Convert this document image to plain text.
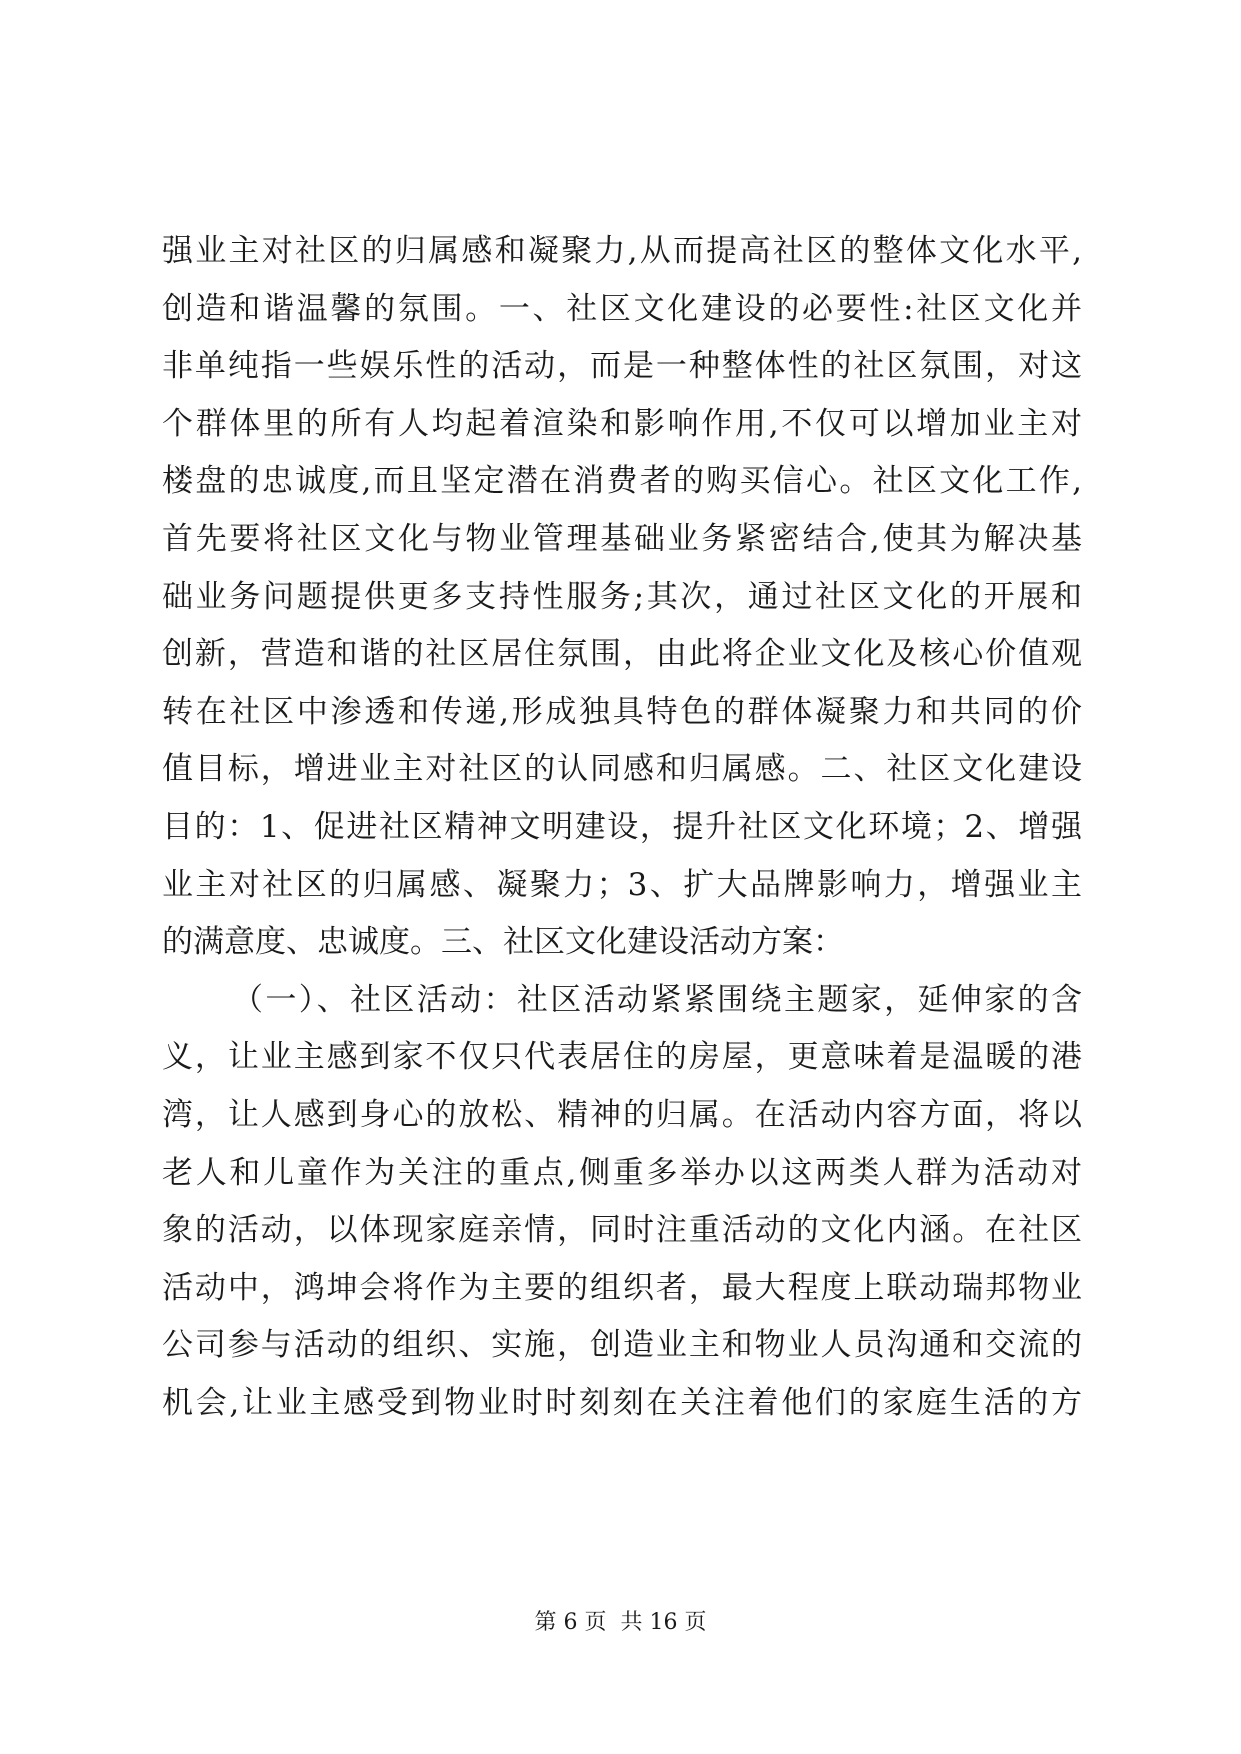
强业主对社区的归属感和凝聚力,从而提高社区的整体文化水平,
创造和谐温馨的氛围。一、社区文化建设的必要性:社区文化并
非单纯指一些娱乐性的活动，而是一种整体性的社区氛围，对这
个群体里的所有人均起着渲染和影响作用,不仅可以增加业主对
楼盘的忠诚度,而且坚定潜在消费者的购买信心。社区文化工作,
首先要将社区文化与物业管理基础业务紧密结合,使其为解决基
础业务问题提供更多支持性服务;其次，通过社区文化的开展和
创新，营造和谐的社区居住氛围，由此将企业文化及核心价值观
转在社区中渗透和传递,形成独具特色的群体凝聚力和共同的价
值目标，增进业主对社区的认同感和归属感。二、社区文化建设
目的：1、促进社区精神文明建设，提升社区文化环境；2、增强
业主对社区的归属感、凝聚力；3、扩大品牌影响力，增强业主
的满意度、忠诚度。三、社区文化建设活动方案：
（一）、社区活动：社区活动紧紧围绕主题家，延伸家的含
义，让业主感到家不仅只代表居住的房屋，更意味着是温暖的港
湾，让人感到身心的放松、精神的归属。在活动内容方面，将以
老人和儿童作为关注的重点,侧重多举办以这两类人群为活动对
象的活动，以体现家庭亲情，同时注重活动的文化内涵。在社区
活动中，鸿坤会将作为主要的组织者，最大程度上联动瑞邦物业
公司参与活动的组织、实施，创造业主和物业人员沟通和交流的
机会,让业主感受到物业时时刻刻在关注着他们的家庭生活的方
第 6 页  共 16 页
